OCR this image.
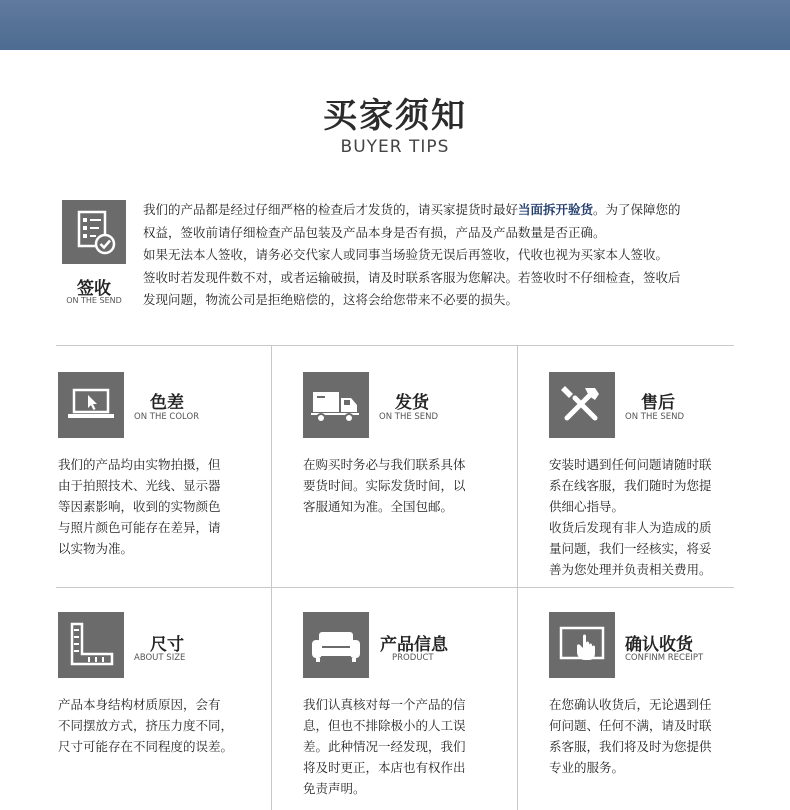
买家须知
BUYER TIPS
签收
ON THE SEND
我们的产品都是经过仔细严格的检查后才发货的，请买家提货时最好当面拆开验货。为了保障您的
权益，签收前请仔细检查产品包装及产品本身是否有损，产品及产品数量是否正确。
如果无法本人签收，请务必交代家人或同事当场验货无误后再签收，代收也视为买家本人签收。
签收时若发现件数不对，或者运输破损，请及时联系客服为您解决。若签收时不仔细检查，签收后
发现问题，物流公司是拒绝赔偿的，这将会给您带来不必要的损失。
色差
ON THE COLOR
我们的产品均由实物拍摄，但
由于拍照技术、光线、显示器
等因素影响，收到的实物颜色
与照片颜色可能存在差异，请
以实物为准。
发货
ON THE SEND
在购买时务必与我们联系具体
要货时间。实际发货时间，以
客服通知为准。全国包邮。
售后
ON THE SEND
安装时遇到任何问题请随时联
系在线客服，我们随时为您提
供细心指导。
收货后发现有非人为造成的质
量问题，我们一经核实，将妥
善为您处理并负责相关费用。
尺寸
ABOUT SIZE
产品本身结构材质原因，会有
不同摆放方式，挤压力度不同，
尺寸可能存在不同程度的误差。
产品信息
PRODUCT
我们认真核对每一个产品的信
息，但也不排除极小的人工误
差。此种情况一经发现，我们
将及时更正，本店也有权作出
免责声明。
确认收货
CONFINM RECEIPT
在您确认收货后，无论遇到任
何问题、任何不满，请及时联
系客服，我们将及时为您提供
专业的服务。
